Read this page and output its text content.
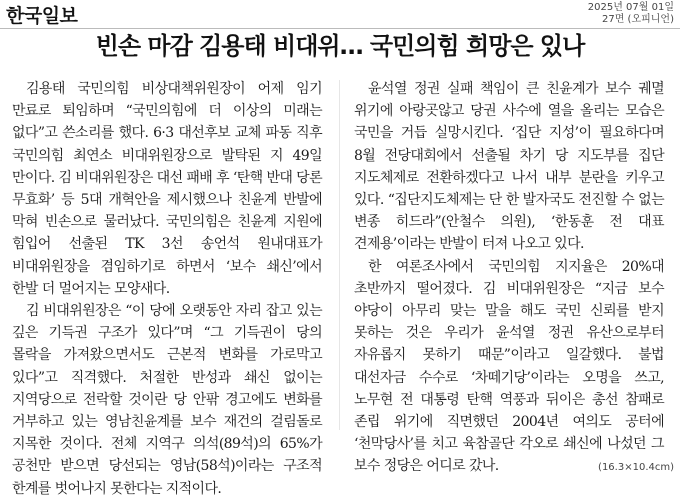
한국일보	2025년 07월 01일
27면 (오피니언)
빈손 마감 김용태 비대위… 국민의힘 희망은 있나

김용태 국민의힘 비상대책위원장이 어제 임기 만료로 퇴임하며 “국민의힘에 더 이상의 미래는 없다”고 쓴소리를 했다. 6·3 대선후보 교체 파동 직후 국민의힘 최연소 비대위원장으로 발탁된 지 49일 만이다. 김 비대위원장은 대선 패배 후 ‘탄핵 반대 당론 무효화’ 등 5대 개혁안을 제시했으나 친윤계 반발에 막혀 빈손으로 물러났다. 국민의힘은 친윤계 지원에 힘입어 선출된 TK 3선 송언석 원내대표가 비대위원장을 겸임하기로 하면서 ‘보수 쇄신’에서 한발 더 멀어지는 모양새다.

김 비대위원장은 “이 당에 오랫동안 자리 잡고 있는 깊은 기득권 구조가 있다”며 “그 기득권이 당의 몰락을 가져왔으면서도 근본적 변화를 가로막고 있다”고 직격했다. 처절한 반성과 쇄신 없이는 지역당으로 전락할 것이란 당 안팎 경고에도 변화를 거부하고 있는 영남친윤계를 보수 재건의 걸림돌로 지목한 것이다. 전체 지역구 의석(89석)의 65%가 공천만 받으면 당선되는 영남(58석)이라는 구조적 한계를 벗어나지 못한다는 지적이다.

윤석열 정권 실패 책임이 큰 친윤계가 보수 궤멸 위기에 아랑곳않고 당권 사수에 열을 올리는 모습은 국민을 거듭 실망시킨다. ‘집단 지성’이 필요하다며 8월 전당대회에서 선출될 차기 당 지도부를 집단 지도체제로 전환하겠다고 나서 내부 분란을 키우고 있다. “집단지도체제는 단 한 발자국도 전진할 수 없는 변종 히드라”(안철수 의원), ‘한동훈 전 대표 견제용’이라는 반발이 터져 나오고 있다.

한 여론조사에서 국민의힘 지지율은 20%대 초반까지 떨어졌다. 김 비대위원장은 “지금 보수 야당이 아무리 맞는 말을 해도 국민 신뢰를 받지 못하는 것은 우리가 윤석열 정권 유산으로부터 자유롭지 못하기 때문”이라고 일갈했다. 불법 대선자금 수수로 ‘차떼기당’이라는 오명을 쓰고, 노무현 전 대통령 탄핵 역풍과 뒤이은 총선 참패로 존립 위기에 직면했던 2004년 여의도 공터에 ‘천막당사’를 치고 육참골단 각오로 쇄신에 나섰던 그 보수 정당은 어디로 갔나.	(16.3×10.4cm)
